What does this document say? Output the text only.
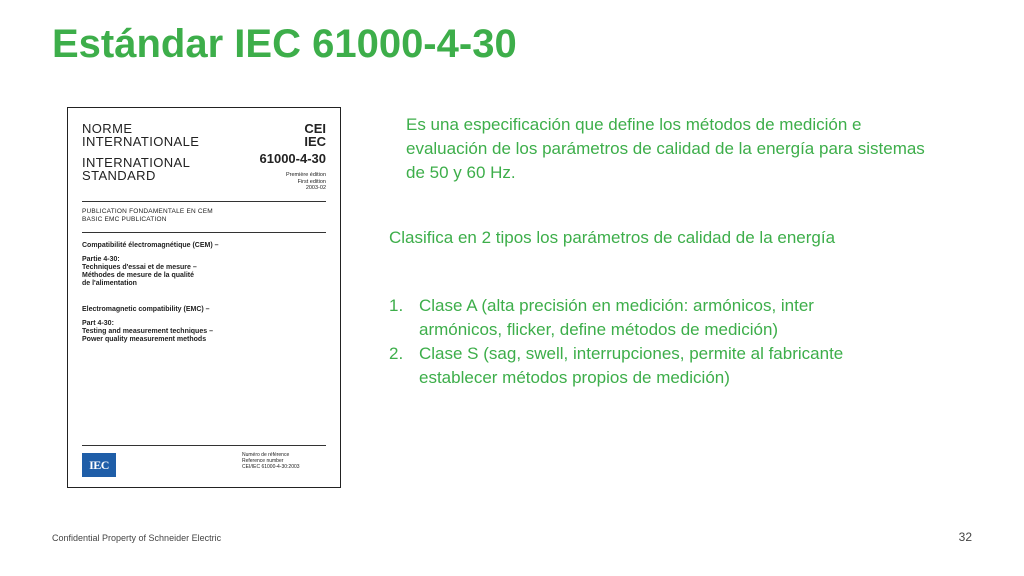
Estándar IEC 61000-4-30
NORME
INTERNATIONALE
INTERNATIONAL
STANDARD
CEI
IEC
61000-4-30
Première édition
First edition
2003-02
PUBLICATION FONDAMENTALE EN CEM
BASIC EMC PUBLICATION
Compatibilité électromagnétique (CEM) –
Partie 4-30:
Techniques d'essai et de mesure –
Méthodes de mesure de la qualité
de l'alimentation
Electromagnetic compatibility (EMC) –
Part 4-30:
Testing and measurement techniques –
Power quality measurement methods
IEC
Numéro de référence
Reference number
CEI/IEC 61000-4-30:2003

Es una especificación que define los métodos de medición e evaluación de los parámetros de calidad de la energía para sistemas de 50 y 60 Hz.

Clasifica en 2 tipos los parámetros de calidad de la energía

1. Clase A (alta precisión en medición: armónicos, inter armónicos, flicker, define métodos de medición)
2. Clase S (sag, swell, interrupciones, permite al fabricante establecer métodos propios de medición)
Confidential Property of Schneider Electric	32
